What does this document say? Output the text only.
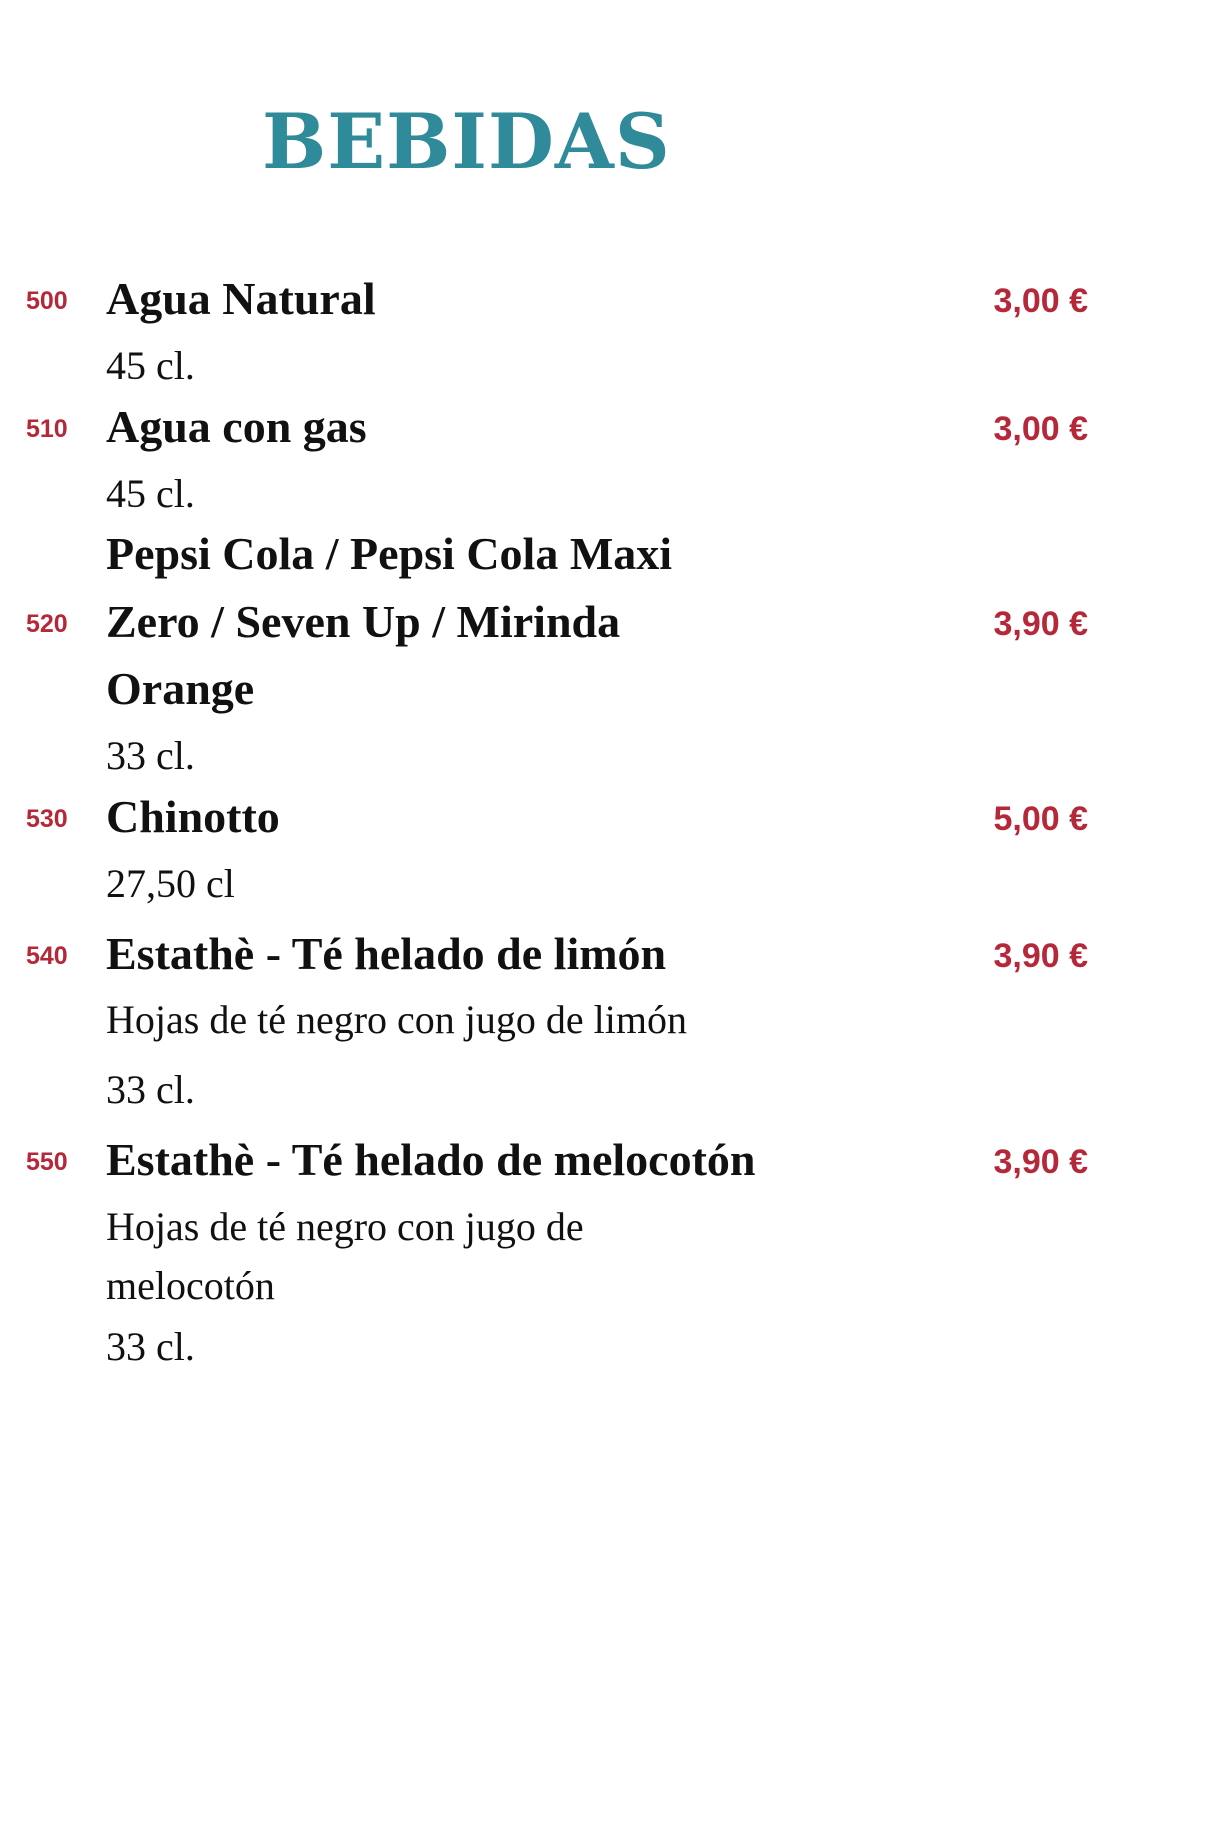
BEBIDAS
500 Agua Natural	3,00 €
45 cl.
510 Agua con gas	3,00 €
45 cl.
Pepsi Cola / Pepsi Cola Maxi
520 Zero / Seven Up / Mirinda	3,90 €
Orange
33 cl.
530 Chinotto	5,00 €
27,50 cl
540 Estathè - Té helado de limón	3,90 €
Hojas de té negro con jugo de limón
33 cl.
550 Estathè - Té helado de melocotón	3,90 €
Hojas de té negro con jugo de
melocotón
33 cl.
